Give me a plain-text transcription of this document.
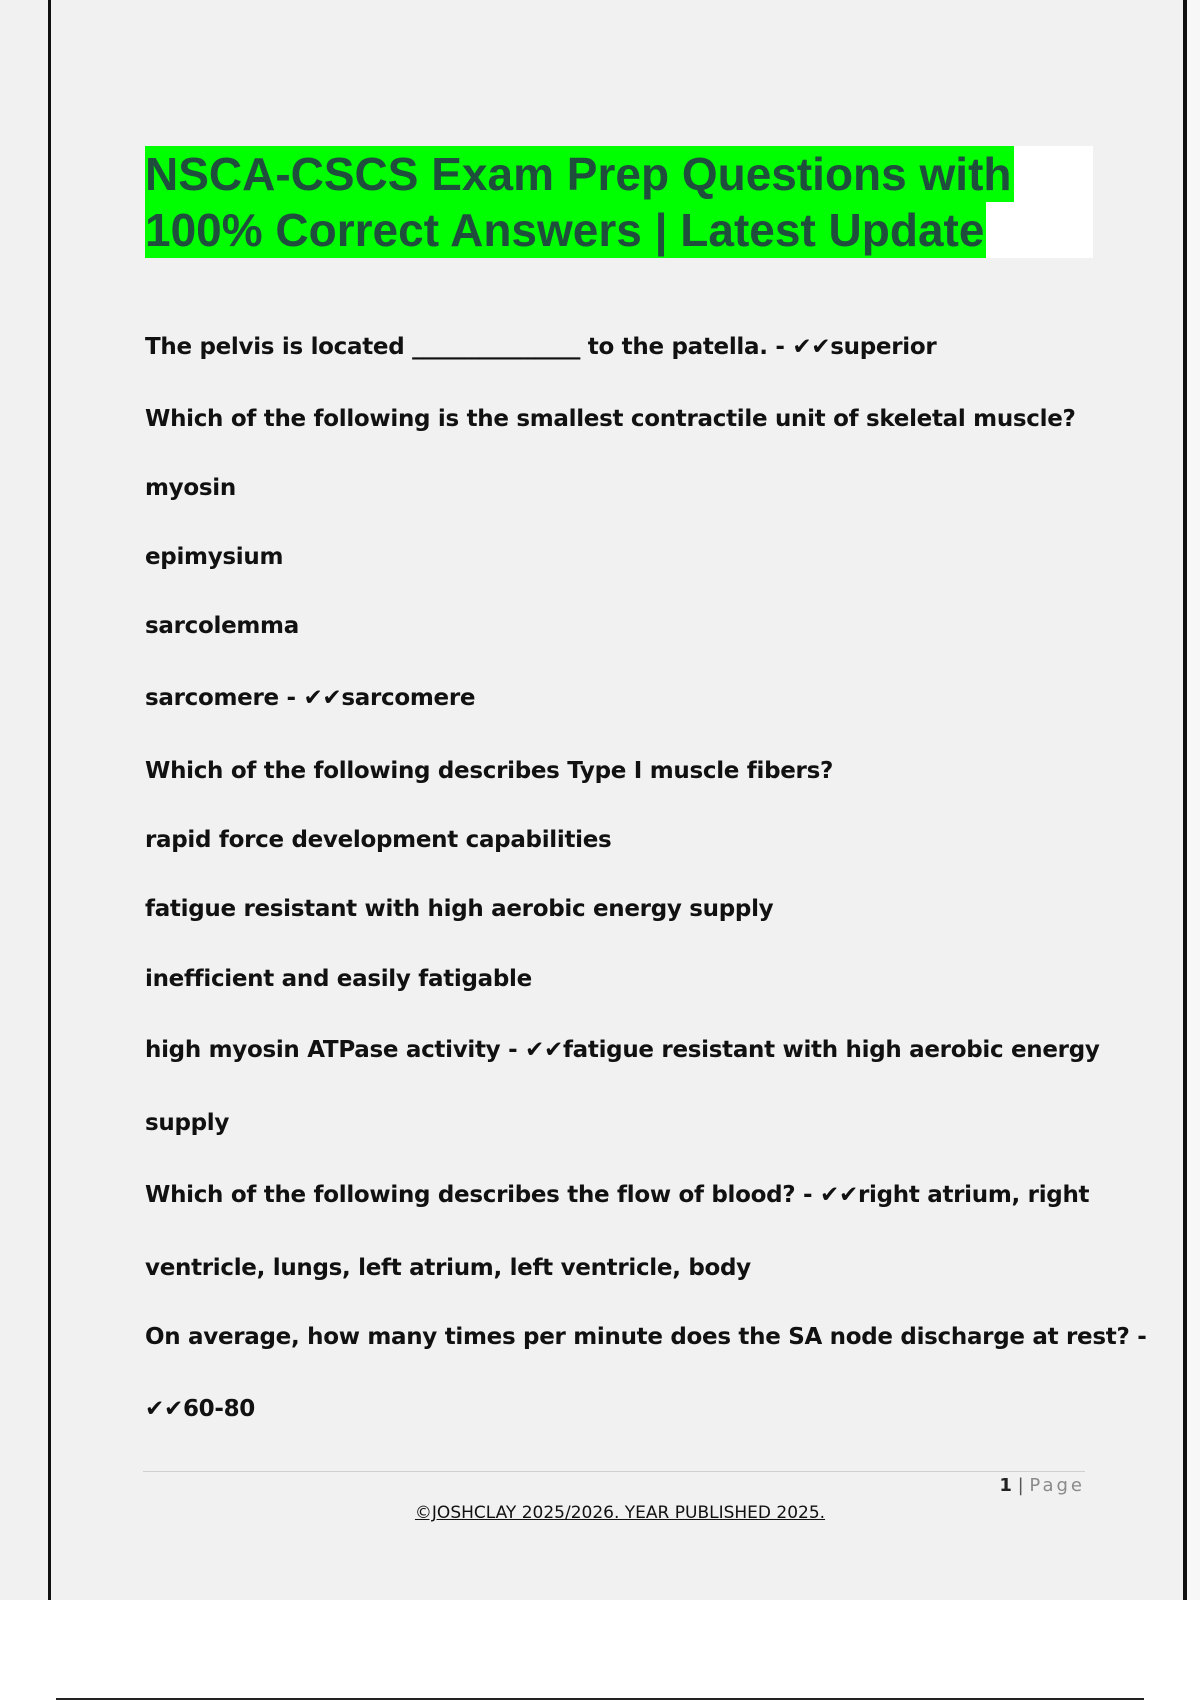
NSCA-CSCS Exam Prep Questions with
100% Correct Answers | Latest Update
The pelvis is located _______________ to the patella. - ✔✔superior
Which of the following is the smallest contractile unit of skeletal muscle?
myosin
epimysium
sarcolemma
sarcomere - ✔✔sarcomere
Which of the following describes Type I muscle fibers?
rapid force development capabilities
fatigue resistant with high aerobic energy supply
inefficient and easily fatigable
high myosin ATPase activity - ✔✔fatigue resistant with high aerobic energy
supply
Which of the following describes the flow of blood? - ✔✔right atrium, right
ventricle, lungs, left atrium, left ventricle, body
On average, how many times per minute does the SA node discharge at rest? -
✔✔60-80
1 | Page
©JOSHCLAY 2025/2026. YEAR PUBLISHED 2025.
